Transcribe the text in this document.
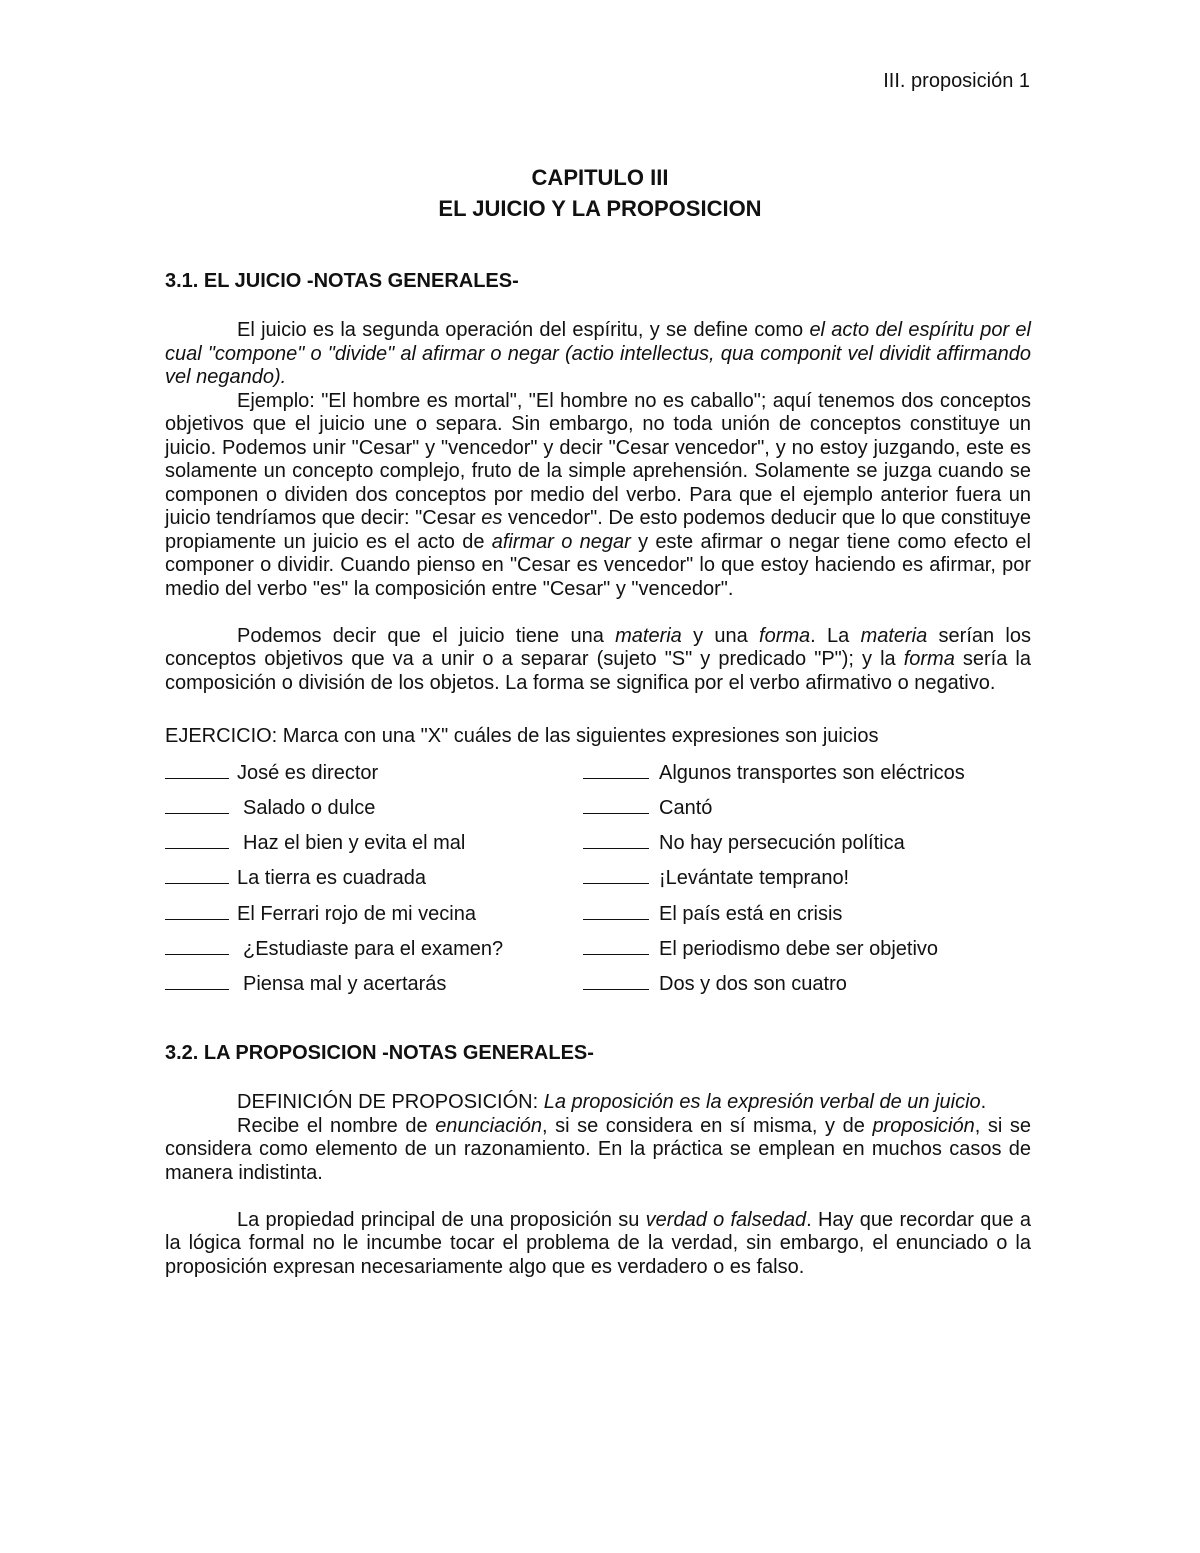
III. proposición 1
CAPITULO III
EL JUICIO Y LA PROPOSICION
3.1. EL JUICIO -NOTAS GENERALES-

El juicio es la segunda operación del espíritu, y se define como el acto del espíritu por el cual "compone" o "divide" al afirmar o negar (actio intellectus, qua componit vel dividit affirmando vel negando).

Ejemplo: "El hombre es mortal", "El hombre no es caballo"; aquí tenemos dos conceptos objetivos que el juicio une o separa. Sin embargo, no toda unión de conceptos constituye un juicio. Podemos unir "Cesar" y "vencedor" y decir "Cesar vencedor", y no estoy juzgando, este es solamente un concepto complejo, fruto de la simple aprehensión. Solamente se juzga cuando se componen o dividen dos conceptos por medio del verbo. Para que el ejemplo anterior fuera un juicio tendríamos que decir: "Cesar es vencedor". De esto podemos deducir que lo que constituye propiamente un juicio es el acto de afirmar o negar y este afirmar o negar tiene como efecto el componer o dividir. Cuando pienso en "Cesar es vencedor" lo que estoy haciendo es afirmar, por medio del verbo "es" la composición entre "Cesar" y "vencedor".

Podemos decir que el juicio tiene una materia y una forma. La materia serían los conceptos objetivos que va a unir o a separar (sujeto "S" y predicado "P"); y la forma sería la composición o división de los objetos. La forma se significa por el verbo afirmativo o negativo.

EJERCICIO: Marca con una "X" cuáles de las siguientes expresiones son juicios
José es director	Algunos transportes son eléctricos
Salado o dulce	Cantó
Haz el bien y evita el mal	No hay persecución política
La tierra es cuadrada	¡Levántate temprano!
El Ferrari rojo de mi vecina	El país está en crisis
¿Estudiaste para el examen?	El periodismo debe ser objetivo
Piensa mal y acertarás	Dos y dos son cuatro
3.2. LA PROPOSICION -NOTAS GENERALES-

DEFINICIÓN DE PROPOSICIÓN: La proposición es la expresión verbal de un juicio.

Recibe el nombre de enunciación, si se considera en sí misma, y de proposición, si se considera como elemento de un razonamiento. En la práctica se emplean en muchos casos de manera indistinta.

La propiedad principal de una proposición su verdad o falsedad. Hay que recordar que a la lógica formal no le incumbe tocar el problema de la verdad, sin embargo, el enunciado o la proposición expresan necesariamente algo que es verdadero o es falso.
